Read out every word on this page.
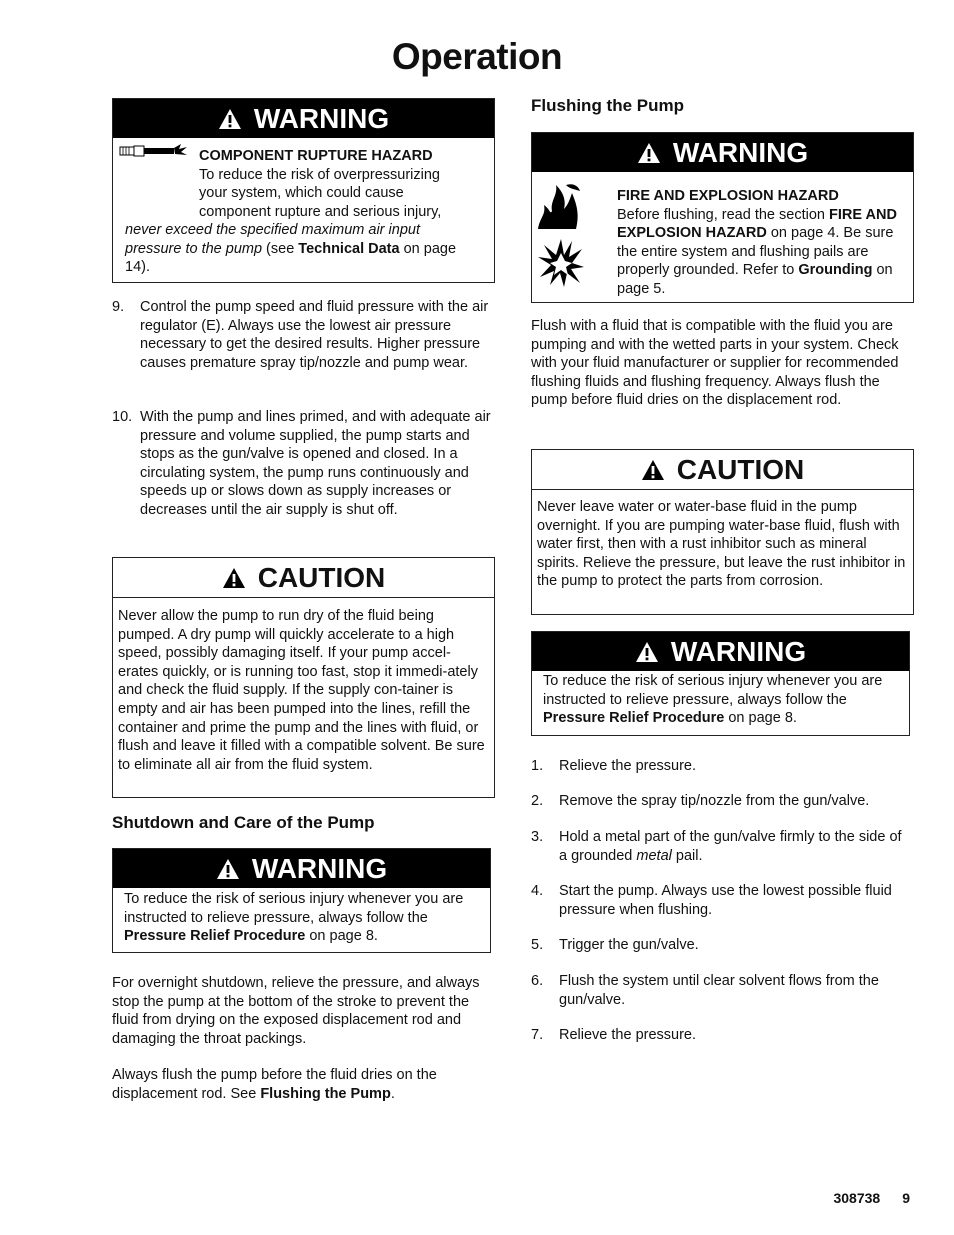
Operation
WARNING
COMPONENT RUPTURE HAZARD
To reduce the risk of overpressurizing
your system, which could cause
component rupture and serious injury,
never exceed the specified maximum air input pressure to the pump (see Technical Data on page 14).
9. Control the pump speed and fluid pressure with the air regulator (E). Always use the lowest air pressure necessary to get the desired results. Higher pressure causes premature spray tip/nozzle and pump wear.
10. With the pump and lines primed, and with adequate air pressure and volume supplied, the pump starts and stops as the gun/valve is opened and closed. In a circulating system, the pump runs continuously and speeds up or slows down as supply increases or decreases until the air supply is shut off.
CAUTION
Never allow the pump to run dry of the fluid being pumped. A dry pump will quickly accelerate to a high speed, possibly damaging itself. If your pump accel-erates quickly, or is running too fast, stop it immedi-ately and check the fluid supply. If the supply con-tainer is empty and air has been pumped into the lines, refill the container and prime the pump and the lines with fluid, or flush and leave it filled with a compatible solvent. Be sure to eliminate all air from the fluid system.
Shutdown and Care of the Pump
WARNING
To reduce the risk of serious injury whenever you are instructed to relieve pressure, always follow the Pressure Relief Procedure on page 8.

For overnight shutdown, relieve the pressure, and always stop the pump at the bottom of the stroke to prevent the fluid from drying on the exposed displacement rod and damaging the throat packings.

Always flush the pump before the fluid dries on the displacement rod. See Flushing the Pump.

Flushing the Pump
WARNING
FIRE AND EXPLOSION HAZARD
Before flushing, read the section FIRE AND EXPLOSION HAZARD on page 4. Be sure the entire system and flushing pails are properly grounded. Refer to Grounding on page 5.

Flush with a fluid that is compatible with the fluid you are pumping and with the wetted parts in your system. Check with your fluid manufacturer or supplier for recommended flushing fluids and flushing frequency. Always flush the pump before fluid dries on the displacement rod.

CAUTION
Never leave water or water-base fluid in the pump overnight. If you are pumping water-base fluid, flush with water first, then with a rust inhibitor such as mineral spirits. Relieve the pressure, but leave the rust inhibitor in the pump to protect the parts from corrosion.
WARNING
To reduce the risk of serious injury whenever you are instructed to relieve pressure, always follow the Pressure Relief Procedure on page 8.
1. Relieve the pressure.
2. Remove the spray tip/nozzle from the gun/valve.
3. Hold a metal part of the gun/valve firmly to the side of a grounded metal pail.
4. Start the pump. Always use the lowest possible fluid pressure when flushing.
5. Trigger the gun/valve.
6. Flush the system until clear solvent flows from the gun/valve.
7. Relieve the pressure.
308738 9
